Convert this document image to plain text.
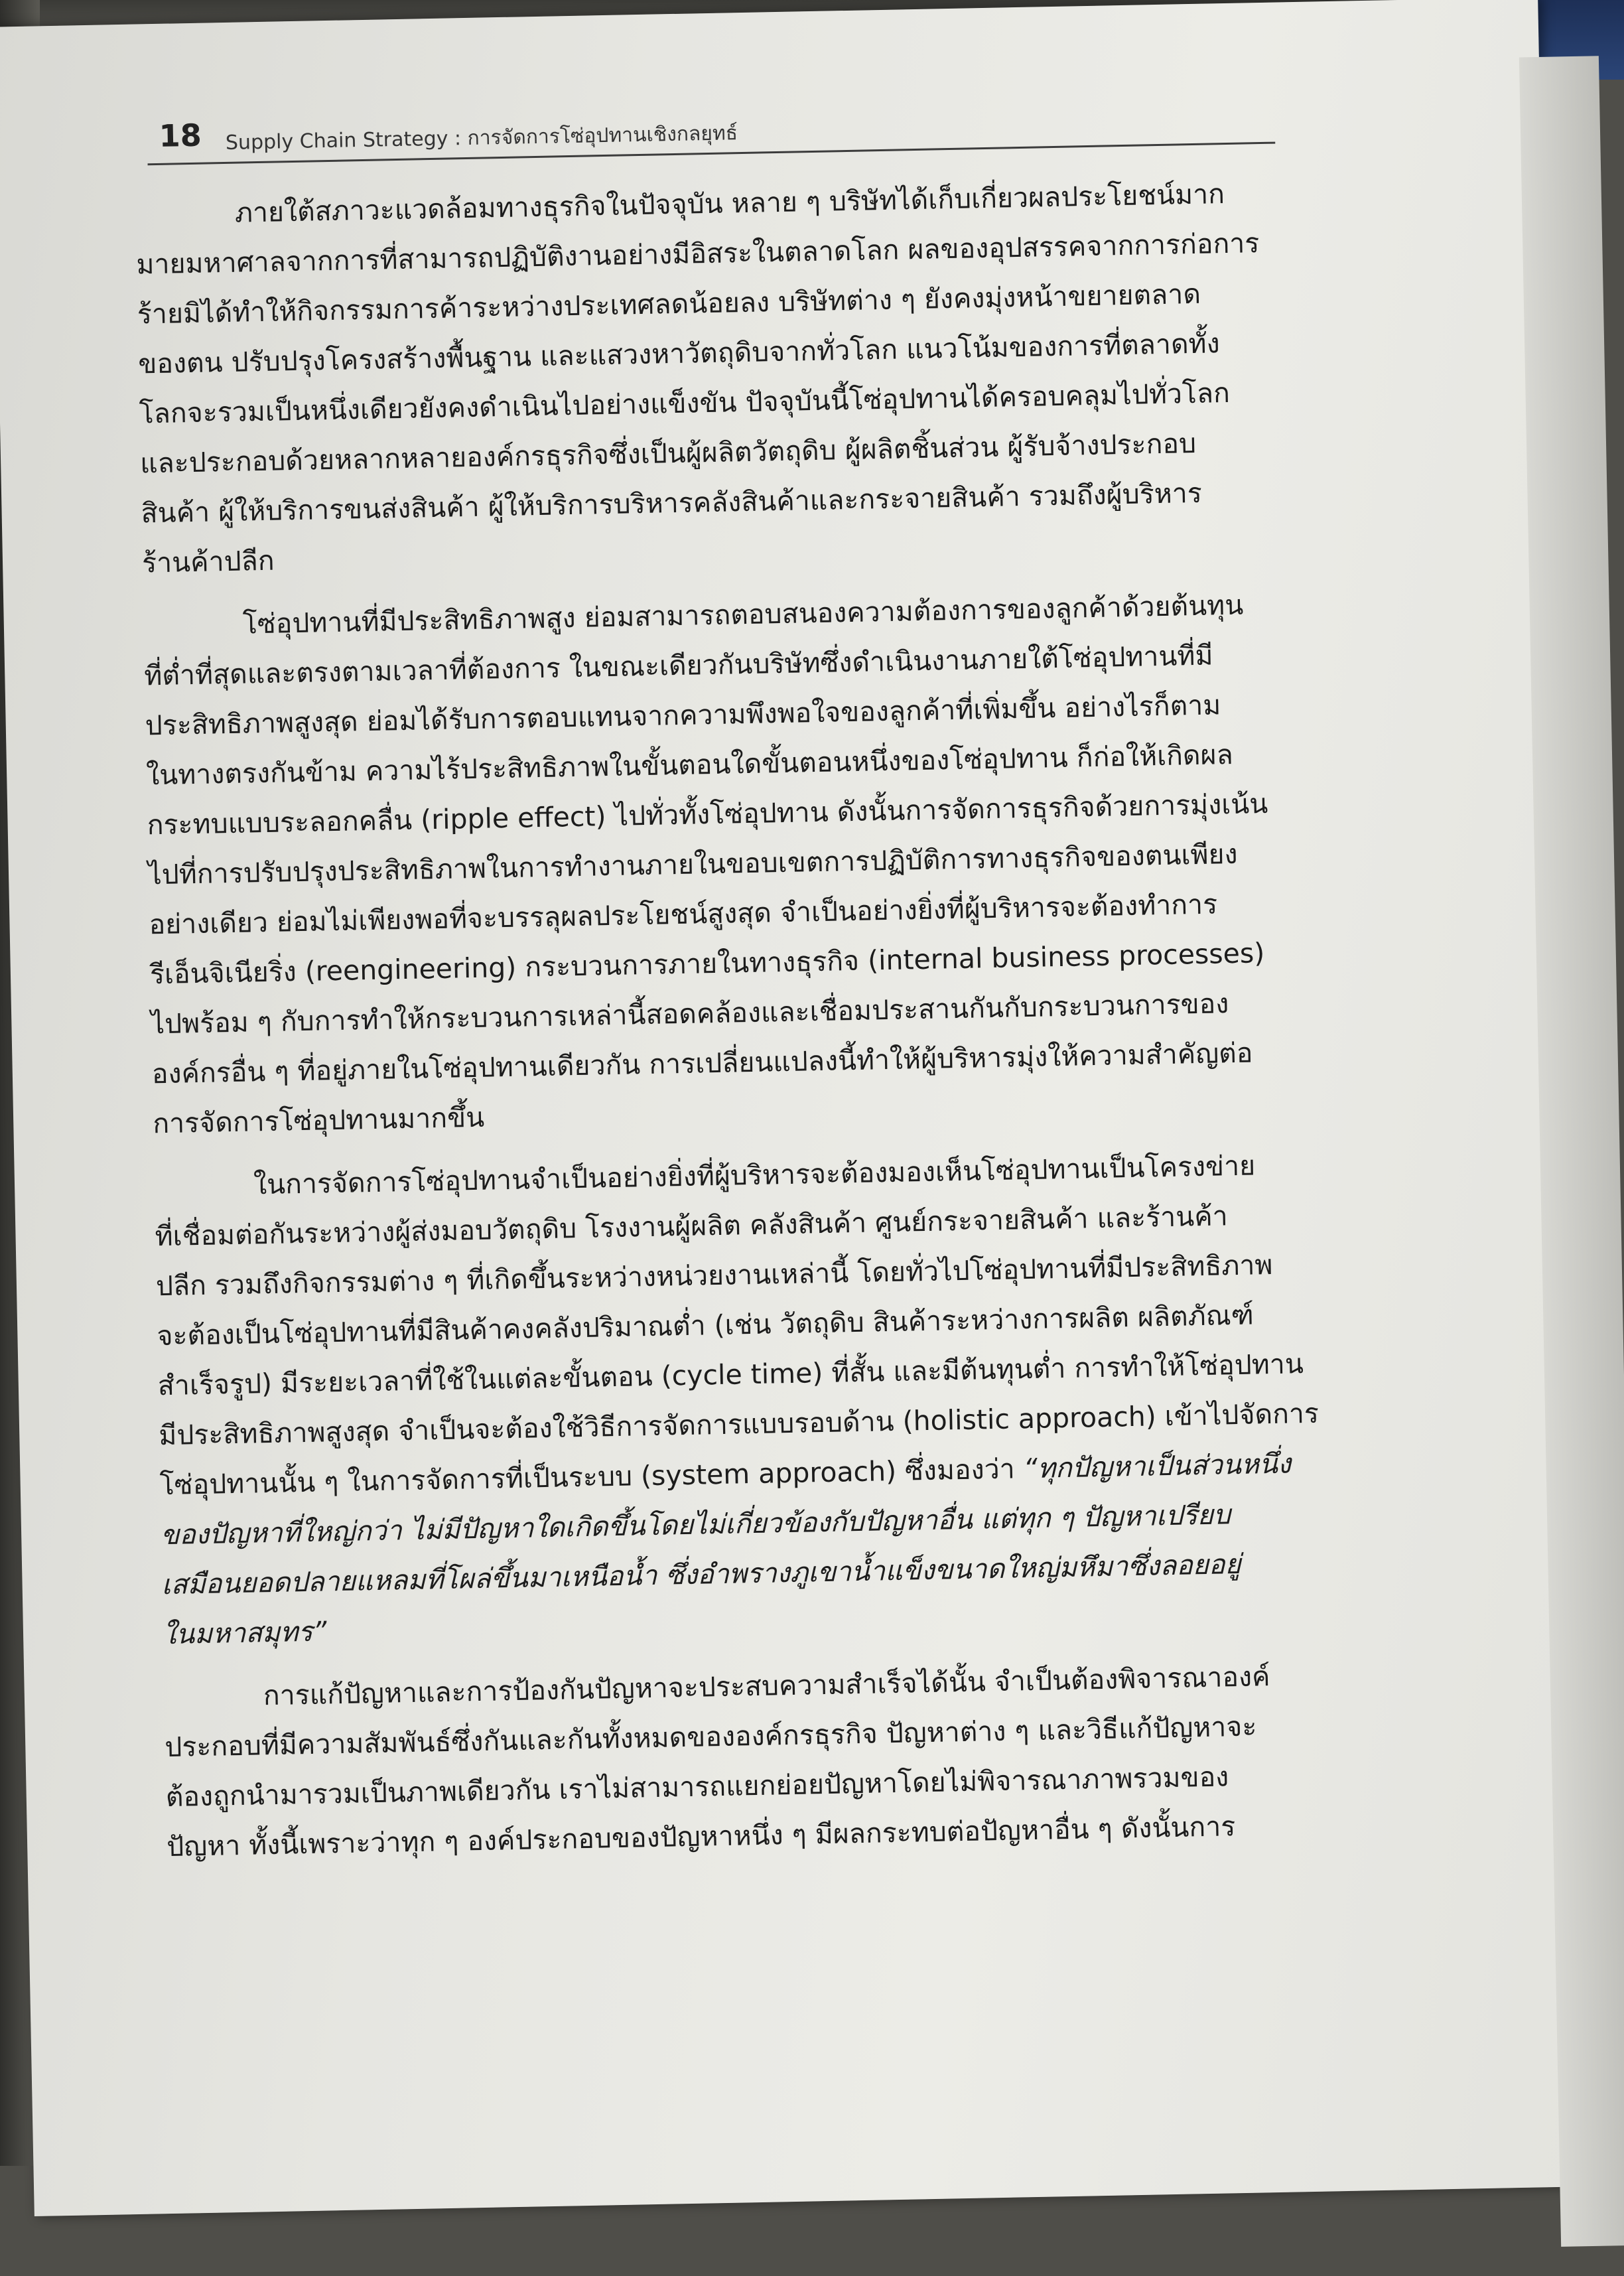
18 Supply Chain Strategy : การจัดการโซ่อุปทานเชิงกลยุทธ์

ภายใต้สภาวะแวดล้อมทางธุรกิจในปัจจุบัน หลาย ๆ บริษัทได้เก็บเกี่ยวผลประโยชน์มาก
มายมหาศาลจากการที่สามารถปฏิบัติงานอย่างมีอิสระในตลาดโลก ผลของอุปสรรคจากการก่อการ
ร้ายมิได้ทำให้กิจกรรมการค้าระหว่างประเทศลดน้อยลง บริษัทต่าง ๆ ยังคงมุ่งหน้าขยายตลาด
ของตน ปรับปรุงโครงสร้างพื้นฐาน และแสวงหาวัตถุดิบจากทั่วโลก แนวโน้มของการที่ตลาดทั้ง
โลกจะรวมเป็นหนึ่งเดียวยังคงดำเนินไปอย่างแข็งขัน ปัจจุบันนี้โซ่อุปทานได้ครอบคลุมไปทั่วโลก
และประกอบด้วยหลากหลายองค์กรธุรกิจซึ่งเป็นผู้ผลิตวัตถุดิบ ผู้ผลิตชิ้นส่วน ผู้รับจ้างประกอบ
สินค้า ผู้ให้บริการขนส่งสินค้า ผู้ให้บริการบริหารคลังสินค้าและกระจายสินค้า รวมถึงผู้บริหาร
ร้านค้าปลีก

โซ่อุปทานที่มีประสิทธิภาพสูง ย่อมสามารถตอบสนองความต้องการของลูกค้าด้วยต้นทุน
ที่ต่ำที่สุดและตรงตามเวลาที่ต้องการ ในขณะเดียวกันบริษัทซึ่งดำเนินงานภายใต้โซ่อุปทานที่มี
ประสิทธิภาพสูงสุด ย่อมได้รับการตอบแทนจากความพึงพอใจของลูกค้าที่เพิ่มขึ้น อย่างไรก็ตาม
ในทางตรงกันข้าม ความไร้ประสิทธิภาพในขั้นตอนใดขั้นตอนหนึ่งของโซ่อุปทาน ก็ก่อให้เกิดผล
กระทบแบบระลอกคลื่น (ripple effect) ไปทั่วทั้งโซ่อุปทาน ดังนั้นการจัดการธุรกิจด้วยการมุ่งเน้น
ไปที่การปรับปรุงประสิทธิภาพในการทำงานภายในขอบเขตการปฏิบัติการทางธุรกิจของตนเพียง
อย่างเดียว ย่อมไม่เพียงพอที่จะบรรลุผลประโยชน์สูงสุด จำเป็นอย่างยิ่งที่ผู้บริหารจะต้องทำการ
รีเอ็นจิเนียริ่ง (reengineering) กระบวนการภายในทางธุรกิจ (internal business processes)
ไปพร้อม ๆ กับการทำให้กระบวนการเหล่านี้สอดคล้องและเชื่อมประสานกันกับกระบวนการของ
องค์กรอื่น ๆ ที่อยู่ภายในโซ่อุปทานเดียวกัน การเปลี่ยนแปลงนี้ทำให้ผู้บริหารมุ่งให้ความสำคัญต่อ
การจัดการโซ่อุปทานมากขึ้น

ในการจัดการโซ่อุปทานจำเป็นอย่างยิ่งที่ผู้บริหารจะต้องมองเห็นโซ่อุปทานเป็นโครงข่าย
ที่เชื่อมต่อกันระหว่างผู้ส่งมอบวัตถุดิบ โรงงานผู้ผลิต คลังสินค้า ศูนย์กระจายสินค้า และร้านค้า
ปลีก รวมถึงกิจกรรมต่าง ๆ ที่เกิดขึ้นระหว่างหน่วยงานเหล่านี้ โดยทั่วไปโซ่อุปทานที่มีประสิทธิภาพ
จะต้องเป็นโซ่อุปทานที่มีสินค้าคงคลังปริมาณต่ำ (เช่น วัตถุดิบ สินค้าระหว่างการผลิต ผลิตภัณฑ์
สำเร็จรูป) มีระยะเวลาที่ใช้ในแต่ละขั้นตอน (cycle time) ที่สั้น และมีต้นทุนต่ำ การทำให้โซ่อุปทาน
มีประสิทธิภาพสูงสุด จำเป็นจะต้องใช้วิธีการจัดการแบบรอบด้าน (holistic approach) เข้าไปจัดการ
โซ่อุปทานนั้น ๆ ในการจัดการที่เป็นระบบ (system approach) ซึ่งมองว่า “ทุกปัญหาเป็นส่วนหนึ่ง
ของปัญหาที่ใหญ่กว่า ไม่มีปัญหาใดเกิดขึ้นโดยไม่เกี่ยวข้องกับปัญหาอื่น แต่ทุก ๆ ปัญหาเปรียบ
เสมือนยอดปลายแหลมที่โผล่ขึ้นมาเหนือน้ำ ซึ่งอำพรางภูเขาน้ำแข็งขนาดใหญ่มหึมาซึ่งลอยอยู่
ในมหาสมุทร”

การแก้ปัญหาและการป้องกันปัญหาจะประสบความสำเร็จได้นั้น จำเป็นต้องพิจารณาองค์
ประกอบที่มีความสัมพันธ์ซึ่งกันและกันทั้งหมดขององค์กรธุรกิจ ปัญหาต่าง ๆ และวิธีแก้ปัญหาจะ
ต้องถูกนำมารวมเป็นภาพเดียวกัน เราไม่สามารถแยกย่อยปัญหาโดยไม่พิจารณาภาพรวมของ
ปัญหา ทั้งนี้เพราะว่าทุก ๆ องค์ประกอบของปัญหาหนึ่ง ๆ มีผลกระทบต่อปัญหาอื่น ๆ ดังนั้นการ
